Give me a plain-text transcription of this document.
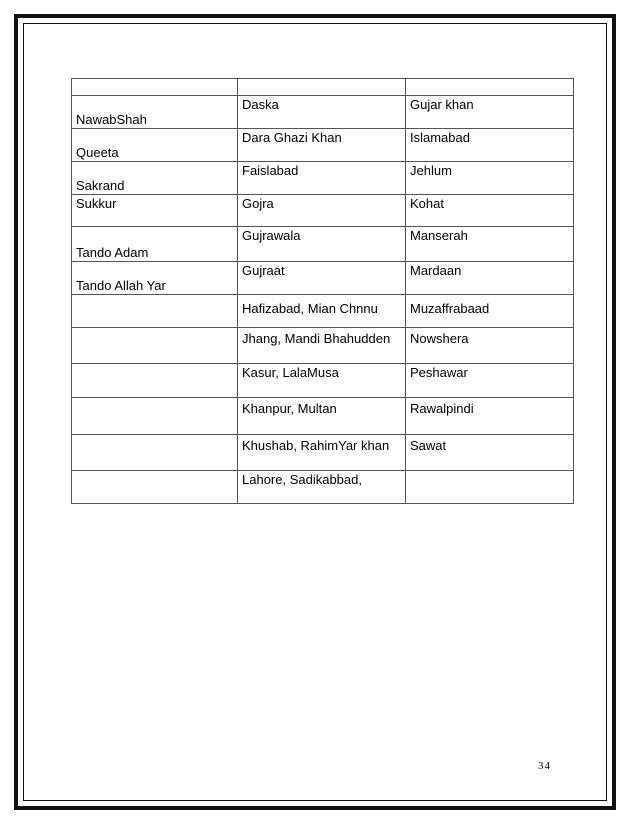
NawabShah	Daska	Gujar khan
Queeta	Dara Ghazi Khan	Islamabad
Sakrand	Faislabad	Jehlum
Sukkur	Gojra	Kohat
Tando Adam	Gujrawala	Manserah
Tando Allah Yar	Gujraat	Mardaan
	Hafizabad, Mian Chnnu	Muzaffrabaad
	Jhang, Mandi Bhahudden	Nowshera
	Kasur, LalaMusa	Peshawar
	Khanpur, Multan	Rawalpindi
	Khushab, RahimYar khan	Sawat
	Lahore, Sadikabbad,	
34
